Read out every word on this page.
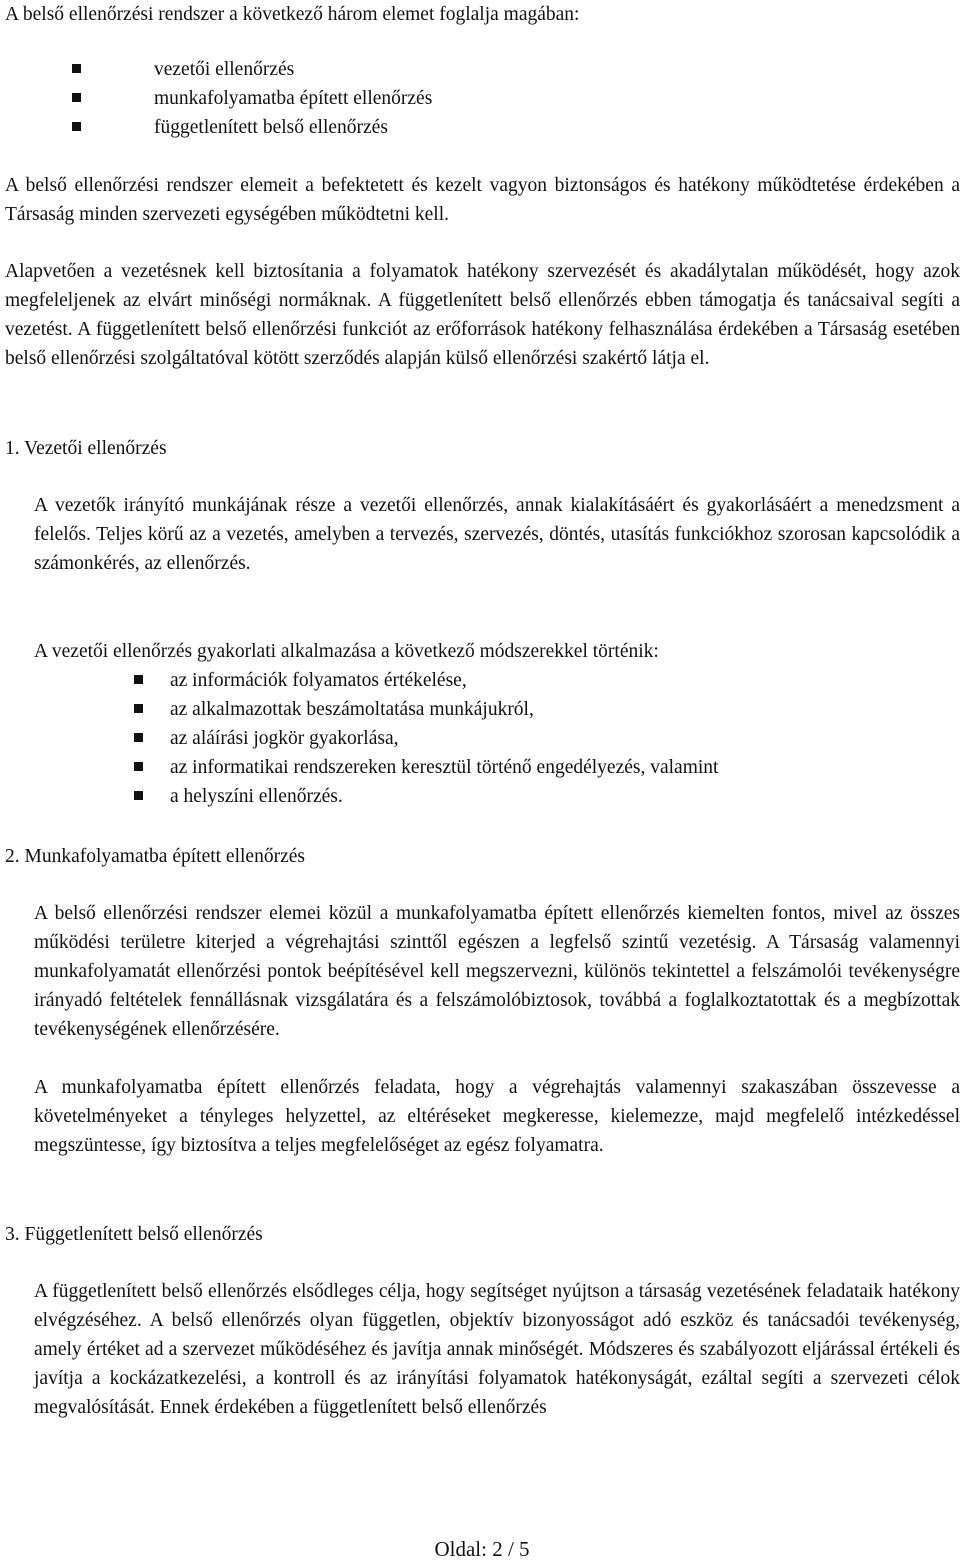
A belső ellenőrzési rendszer a következő három elemet foglalja magában:

vezetői ellenőrzés
munkafolyamatba épített ellenőrzés
függetlenített belső ellenőrzés

A belső ellenőrzési rendszer elemeit a befektetett és kezelt vagyon biztonságos és hatékony működtetése érdekében a Társaság minden szervezeti egységében működtetni kell.

Alapvetően a vezetésnek kell biztosítania a folyamatok hatékony szervezését és akadálytalan működését, hogy azok megfeleljenek az elvárt minőségi normáknak. A függetlenített belső ellenőrzés ebben támogatja és tanácsaival segíti a vezetést. A függetlenített belső ellenőrzési funkciót az erőforrások hatékony felhasználása érdekében a Társaság esetében belső ellenőrzési szolgáltatóval kötött szerződés alapján külső ellenőrzési szakértő látja el.

1. Vezetői ellenőrzés

A vezetők irányító munkájának része a vezetői ellenőrzés, annak kialakításáért és gyakorlásáért a menedzsment a felelős. Teljes körű az a vezetés, amelyben a tervezés, szervezés, döntés, utasítás funkciókhoz szorosan kapcsolódik a számonkérés, az ellenőrzés.

A vezetői ellenőrzés gyakorlati alkalmazása a következő módszerekkel történik:

az információk folyamatos értékelése,
az alkalmazottak beszámoltatása munkájukról,
az aláírási jogkör gyakorlása,
az informatikai rendszereken keresztül történő engedélyezés, valamint
a helyszíni ellenőrzés.
2. Munkafolyamatba épített ellenőrzés

A belső ellenőrzési rendszer elemei közül a munkafolyamatba épített ellenőrzés kiemelten fontos, mivel az összes működési területre kiterjed a végrehajtási szinttől egészen a legfelső szintű vezetésig. A Társaság valamennyi munkafolyamatát ellenőrzési pontok beépítésével kell megszervezni, különös tekintettel a felszámolói tevékenységre irányadó feltételek fennállásnak vizsgálatára és a felszámolóbiztosok, továbbá a foglalkoztatottak és a megbízottak tevékenységének ellenőrzésére.

A munkafolyamatba épített ellenőrzés feladata, hogy a végrehajtás valamennyi szakaszában összevesse a követelményeket a tényleges helyzettel, az eltéréseket megkeresse, kielemezze, majd megfelelő intézkedéssel megszüntesse, így biztosítva a teljes megfelelőséget az egész folyamatra.

3. Függetlenített belső ellenőrzés

A függetlenített belső ellenőrzés elsődleges célja, hogy segítséget nyújtson a társaság vezetésének feladataik hatékony elvégzéséhez. A belső ellenőrzés olyan független, objektív bizonyosságot adó eszköz és tanácsadói tevékenység, amely értéket ad a szervezet működéséhez és javítja annak minőségét. Módszeres és szabályozott eljárással értékeli és javítja a kockázatkezelési, a kontroll és az irányítási folyamatok hatékonyságát, ezáltal segíti a szervezeti célok megvalósítását. Ennek érdekében a függetlenített belső ellenőrzés

Oldal: 2 / 5
